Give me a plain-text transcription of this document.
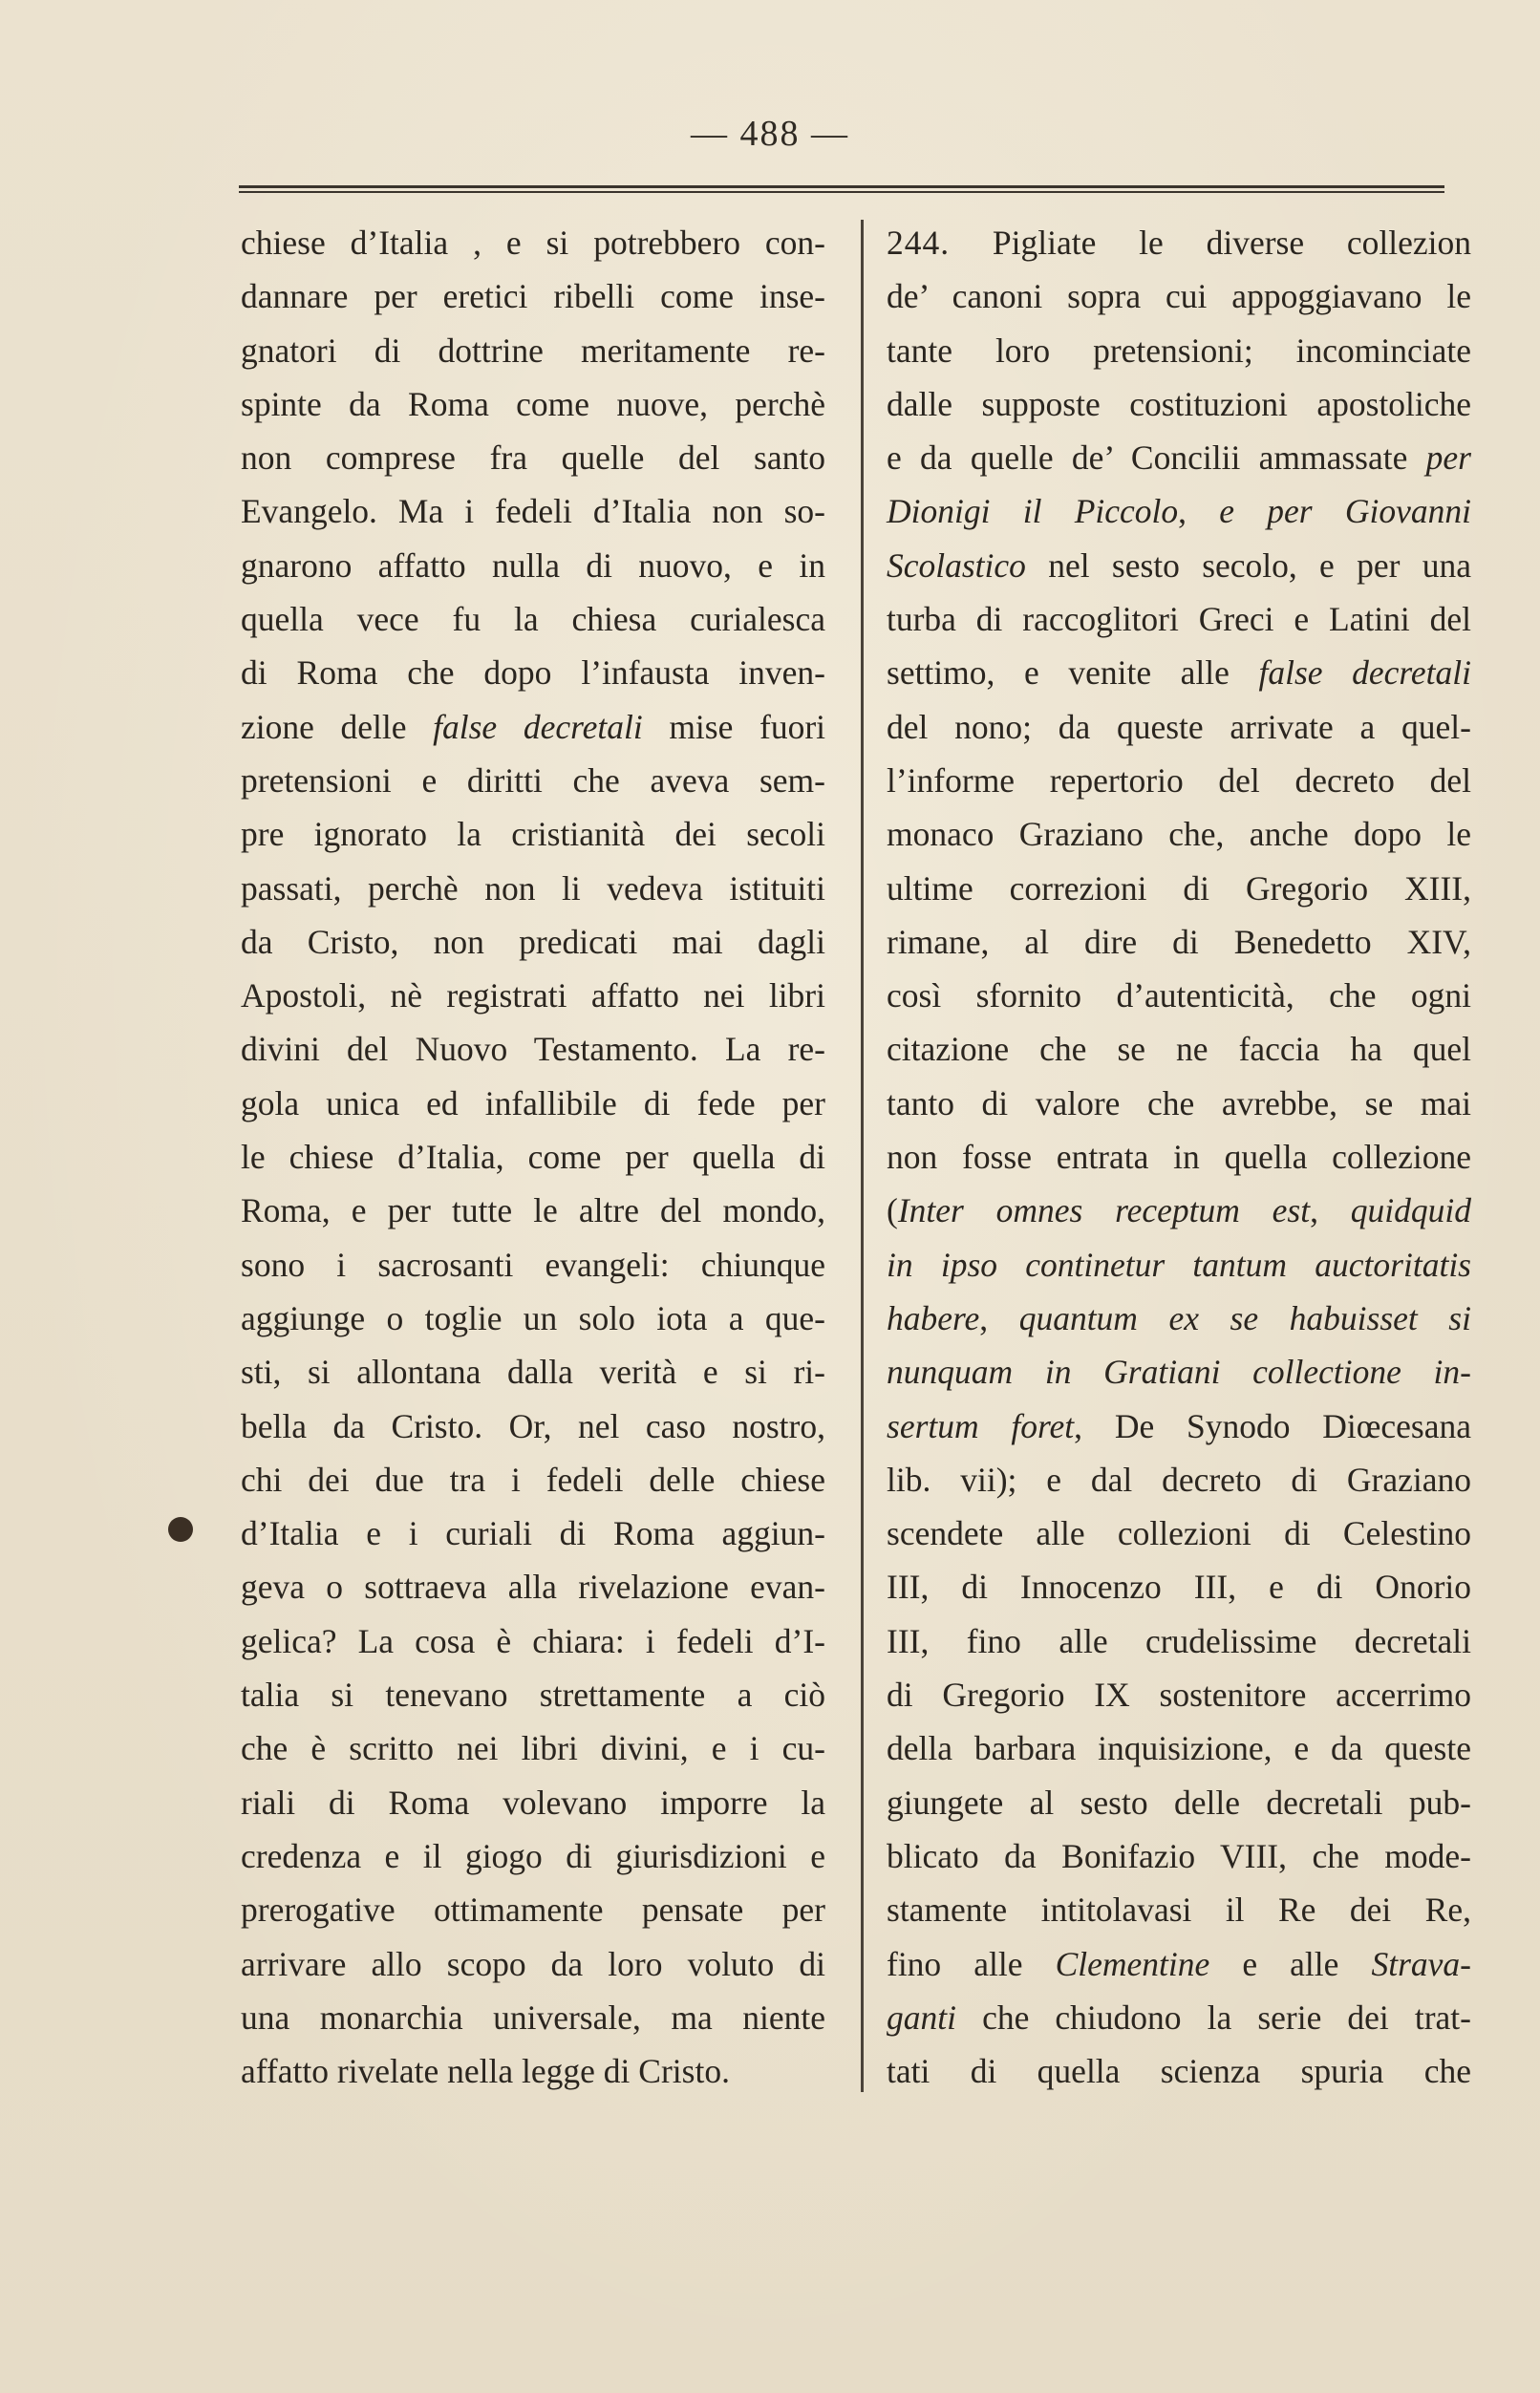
— 488 —
chiese d’Italia , e si potrebbero con-
dannare per eretici ribelli come inse-
gnatori di dottrine meritamente re-
spinte da Roma come nuove, perchè
non comprese fra quelle del santo
Evangelo. Ma i fedeli d’Italia non so-
gnarono affatto nulla di nuovo, e in
quella vece fu la chiesa curialesca
di Roma che dopo l’infausta inven-
zione delle false decretali mise fuori
pretensioni e diritti che aveva sem-
pre ignorato la cristianità dei secoli
passati, perchè non li vedeva istituiti
da Cristo, non predicati mai dagli
Apostoli, nè registrati affatto nei libri
divini del Nuovo Testamento. La re-
gola unica ed infallibile di fede per
le chiese d’Italia, come per quella di
Roma, e per tutte le altre del mondo,
sono i sacrosanti evangeli: chiunque
aggiunge o toglie un solo iota a que-
sti, si allontana dalla verità e si ri-
bella da Cristo. Or, nel caso nostro,
chi dei due tra i fedeli delle chiese
d’Italia e i curiali di Roma aggiun-
geva o sottraeva alla rivelazione evan-
gelica? La cosa è chiara: i fedeli d’I-
talia si tenevano strettamente a ciò
che è scritto nei libri divini, e i cu-
riali di Roma volevano imporre la
credenza e il giogo di giurisdizioni e
prerogative ottimamente pensate per
arrivare allo scopo da loro voluto di
una monarchia universale, ma niente
affatto rivelate nella legge di Cristo.
244. Pigliate le diverse collezion
de’ canoni sopra cui appoggiavano le
tante loro pretensioni; incominciate
dalle supposte costituzioni apostoliche
e da quelle de’ Concilii ammassate per
Dionigi il Piccolo, e per Giovanni
Scolastico nel sesto secolo, e per una
turba di raccoglitori Greci e Latini del
settimo, e venite alle false decretali
del nono; da queste arrivate a quel-
l’informe repertorio del decreto del
monaco Graziano che, anche dopo le
ultime correzioni di Gregorio XIII,
rimane, al dire di Benedetto XIV,
così sfornito d’autenticità, che ogni
citazione che se ne faccia ha quel
tanto di valore che avrebbe, se mai
non fosse entrata in quella collezione
(Inter omnes receptum est, quidquid
in ipso continetur tantum auctoritatis
habere, quantum ex se habuisset si
nunquam in Gratiani collectione in-
sertum foret, De Synodo Diœcesana
lib. vii); e dal decreto di Graziano
scendete alle collezioni di Celestino
III, di Innocenzo III, e di Onorio
III, fino alle crudelissime decretali
di Gregorio IX sostenitore accerrimo
della barbara inquisizione, e da queste
giungete al sesto delle decretali pub-
blicato da Bonifazio VIII, che mode-
stamente intitolavasi il Re dei Re,
fino alle Clementine e alle Strava-
ganti che chiudono la serie dei trat-
tati di quella scienza spuria che
